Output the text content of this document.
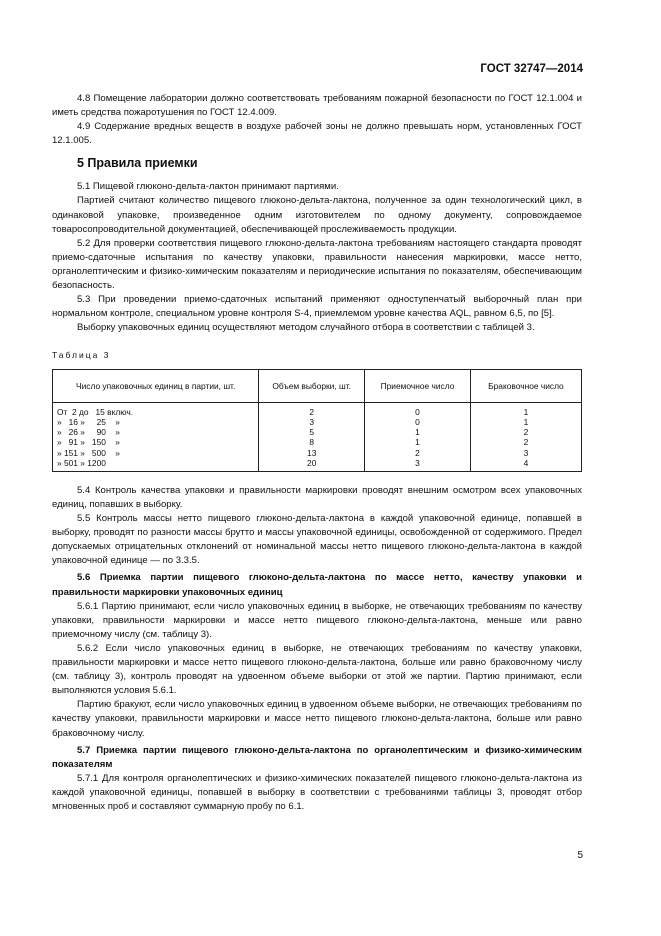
ГОСТ 32747—2014

4.8 Помещение лаборатории должно соответствовать требованиям пожарной безопасности по ГОСТ 12.1.004 и иметь средства пожаротушения по ГОСТ 12.4.009.

4.9 Содержание вредных веществ в воздухе рабочей зоны не должно превышать норм, установленных ГОСТ 12.1.005.

5 Правила приемки

5.1 Пищевой глюконо-дельта-лактон принимают партиями.

Партией считают количество пищевого глюконо-дельта-лактона, полученное за один технологический цикл, в одинаковой упаковке, произведенное одним изготовителем по одному документу, сопровождаемое товаросопроводительной документацией, обеспечивающей прослеживаемость продукции.

5.2 Для проверки соответствия пищевого глюконо-дельта-лактона требованиям настоящего стандарта проводят приемо-сдаточные испытания по качеству упаковки, правильности нанесения маркировки, массе нетто, органолептическим и физико-химическим показателям и периодические испытания по показателям, обеспечивающим безопасность.

5.3 При проведении приемо-сдаточных испытаний применяют одноступенчатый выборочный план при нормальном контроле, специальном уровне контроля S-4, приемлемом уровне качества AQL, равном 6,5, по [5].

Выборку упаковочных единиц осуществляют методом случайного отбора в соответствии с таблицей 3.

Таблица 3
Число упаковочных единиц в партии, шт.	Объем выборки, шт.	Приемочное число	Браковочное число
От  2 до   15 включ.	2	0	1
»   16 »     25    »	3	0	1
»   26 »     90    »	5	1	2
»   91 »   150    »	8	1	2
» 151 »   500    »	13	2	3
» 501 » 1200	20	3	4

5.4 Контроль качества упаковки и правильности маркировки проводят внешним осмотром всех упаковочных единиц, попавших в выборку.

5.5 Контроль массы нетто пищевого глюконо-дельта-лактона в каждой упаковочной единице, попавшей в выборку, проводят по разности массы брутто и массы упаковочной единицы, освобожденной от содержимого. Предел допускаемых отрицательных отклонений от номинальной массы нетто пищевого глюконо-дельта-лактона в каждой упаковочной единице — по 3.3.5.

5.6 Приемка партии пищевого глюконо-дельта-лактона по массе нетто, качеству упаковки и правильности маркировки упаковочных единиц

5.6.1 Партию принимают, если число упаковочных единиц в выборке, не отвечающих требованиям по качеству упаковки, правильности маркировки и массе нетто пищевого глюконо-дельта-лактона, меньше или равно приемочному числу (см. таблицу 3).

5.6.2 Если число упаковочных единиц в выборке, не отвечающих требованиям по качеству упаковки, правильности маркировки и массе нетто пищевого глюконо-дельта-лактона, больше или равно браковочному числу (см. таблицу 3), контроль проводят на удвоенном объеме выборки от этой же партии. Партию принимают, если выполняются условия 5.6.1.

Партию бракуют, если число упаковочных единиц в удвоенном объеме выборки, не отвечающих требованиям по качеству упаковки, правильности маркировки и массе нетто пищевого глюконо-дельта-лактона, больше или равно браковочному числу.

5.7 Приемка партии пищевого глюконо-дельта-лактона по органолептическим и физико-химическим показателям

5.7.1 Для контроля органолептических и физико-химических показателей пищевого глюконо-дельта-лактона из каждой упаковочной единицы, попавшей в выборку в соответствии с требованиями таблицы 3, проводят отбор мгновенных проб и составляют суммарную пробу по 6.1.

5
